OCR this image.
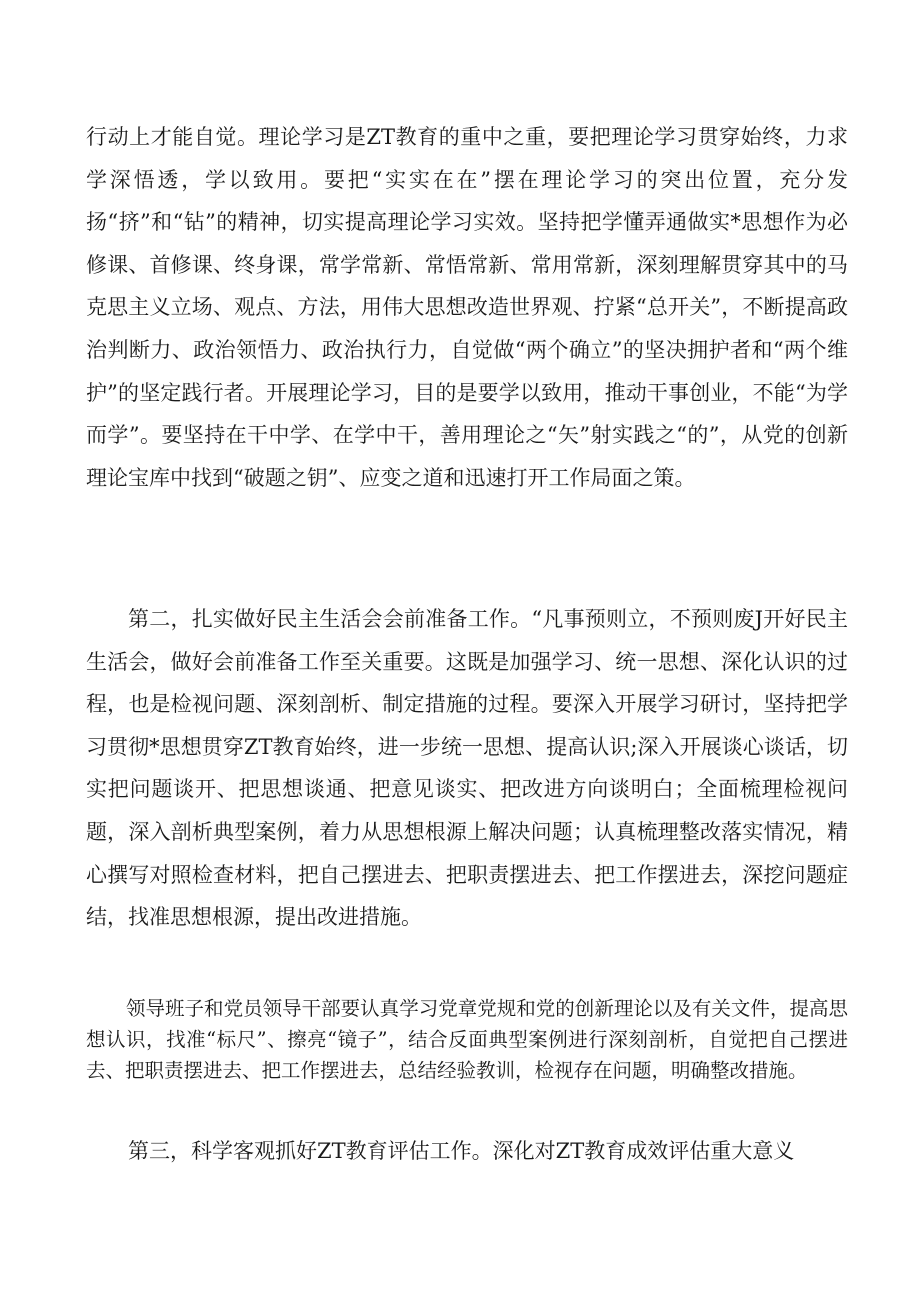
行动上才能自觉。理论学习是ZT教育的重中之重，要把理论学习贯穿始终，力求学深悟透，学以致用。要把“实实在在”摆在理论学习的突出位置，充分发扬“挤”和“钻”的精神，切实提高理论学习实效。坚持把学懂弄通做实*思想作为必修课、首修课、终身课，常学常新、常悟常新、常用常新，深刻理解贯穿其中的马克思主义立场、观点、方法，用伟大思想改造世界观、拧紧“总开关”，不断提高政治判断力、政治领悟力、政治执行力，自觉做“两个确立”的坚决拥护者和“两个维护”的坚定践行者。开展理论学习，目的是要学以致用，推动干事创业，不能“为学而学”。要坚持在干中学、在学中干，善用理论之“矢”射实践之“的”，从党的创新理论宝库中找到“破题之钥”、应变之道和迅速打开工作局面之策。

第二，扎实做好民主生活会会前准备工作。“凡事预则立，不预则废J开好民主生活会，做好会前准备工作至关重要。这既是加强学习、统一思想、深化认识的过程，也是检视问题、深刻剖析、制定措施的过程。要深入开展学习研讨，坚持把学习贯彻*思想贯穿ZT教育始终，进一步统一思想、提高认识;深入开展谈心谈话，切实把问题谈开、把思想谈通、把意见谈实、把改进方向谈明白；全面梳理检视问题，深入剖析典型案例，着力从思想根源上解决问题；认真梳理整改落实情况，精心撰写对照检查材料，把自己摆进去、把职责摆进去、把工作摆进去，深挖问题症结，找准思想根源，提出改进措施。

领导班子和党员领导干部要认真学习党章党规和党的创新理论以及有关文件，提高思想认识，找准“标尺”、擦亮“镜子”，结合反面典型案例进行深刻剖析，自觉把自己摆进去、把职责摆进去、把工作摆进去，总结经验教训，检视存在问题，明确整改措施。

第三，科学客观抓好ZT教育评估工作。深化对ZT教育成效评估重大意义
